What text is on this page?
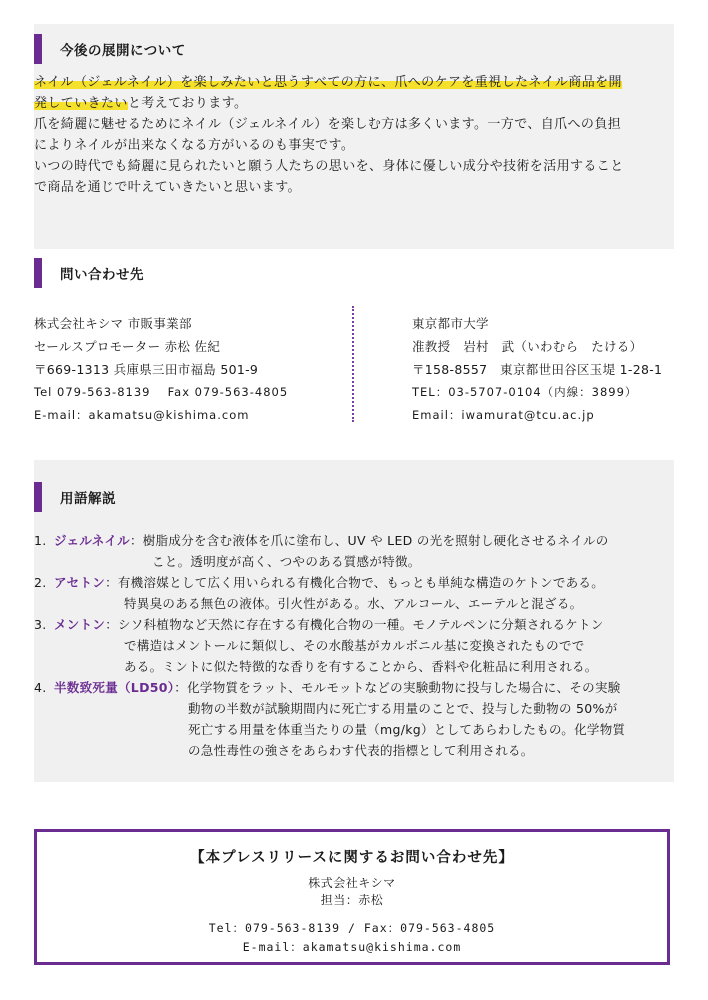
今後の展開について
ネイル（ジェルネイル）を楽しみたいと思うすべての方に、爪へのケアを重視したネイル商品を開
発していきたいと考えております。
爪を綺麗に魅せるためにネイル（ジェルネイル）を楽しむ方は多くいます。一方で、自爪への負担
によりネイルが出来なくなる方がいるのも事実です。
いつの時代でも綺麗に見られたいと願う人たちの思いを、身体に優しい成分や技術を活用すること
で商品を通じで叶えていきたいと思います。
問い合わせ先
株式会社キシマ 市販事業部
セールスプロモーター 赤松 佐紀
〒669-1313 兵庫県三田市福島 501-9
Tel 079-563-8139　 Fax 079-563-4805
E-mail：akamatsu@kishima.com
東京都市大学
准教授　岩村　武（いわむら　たける）
〒158-8557　東京都世田谷区玉堤 1-28-1
TEL：03-5707-0104（内線：3899）
Email：iwamurat@tcu.ac.jp
用語解説
1. ジェルネイル：樹脂成分を含む液体を爪に塗布し、UV や LED の光を照射し硬化させるネイルの
こと。透明度が高く、つやのある質感が特徴。
2. アセトン：有機溶媒として広く用いられる有機化合物で、もっとも単純な構造のケトンである。
特異臭のある無色の液体。引火性がある。水、アルコール、エーテルと混ざる。
3. メントン：シソ科植物など天然に存在する有機化合物の一種。モノテルペンに分類されるケトン
で構造はメントールに類似し、その水酸基がカルボニル基に変換されたものでで
ある。ミントに似た特徴的な香りを有することから、香料や化粧品に利用される。
4. 半数致死量（LD50）：化学物質をラット、モルモットなどの実験動物に投与した場合に、その実験
動物の半数が試験期間内に死亡する用量のことで、投与した動物の 50%が
死亡する用量を体重当たりの量（mg/kg）としてあらわしたもの。化学物質
の急性毒性の強さをあらわす代表的指標として利用される。
【本プレスリリースに関するお問い合わせ先】
株式会社キシマ
担当：赤松
Tel：079-563-8139 / Fax：079-563-4805
E-mail：akamatsu@kishima.com
